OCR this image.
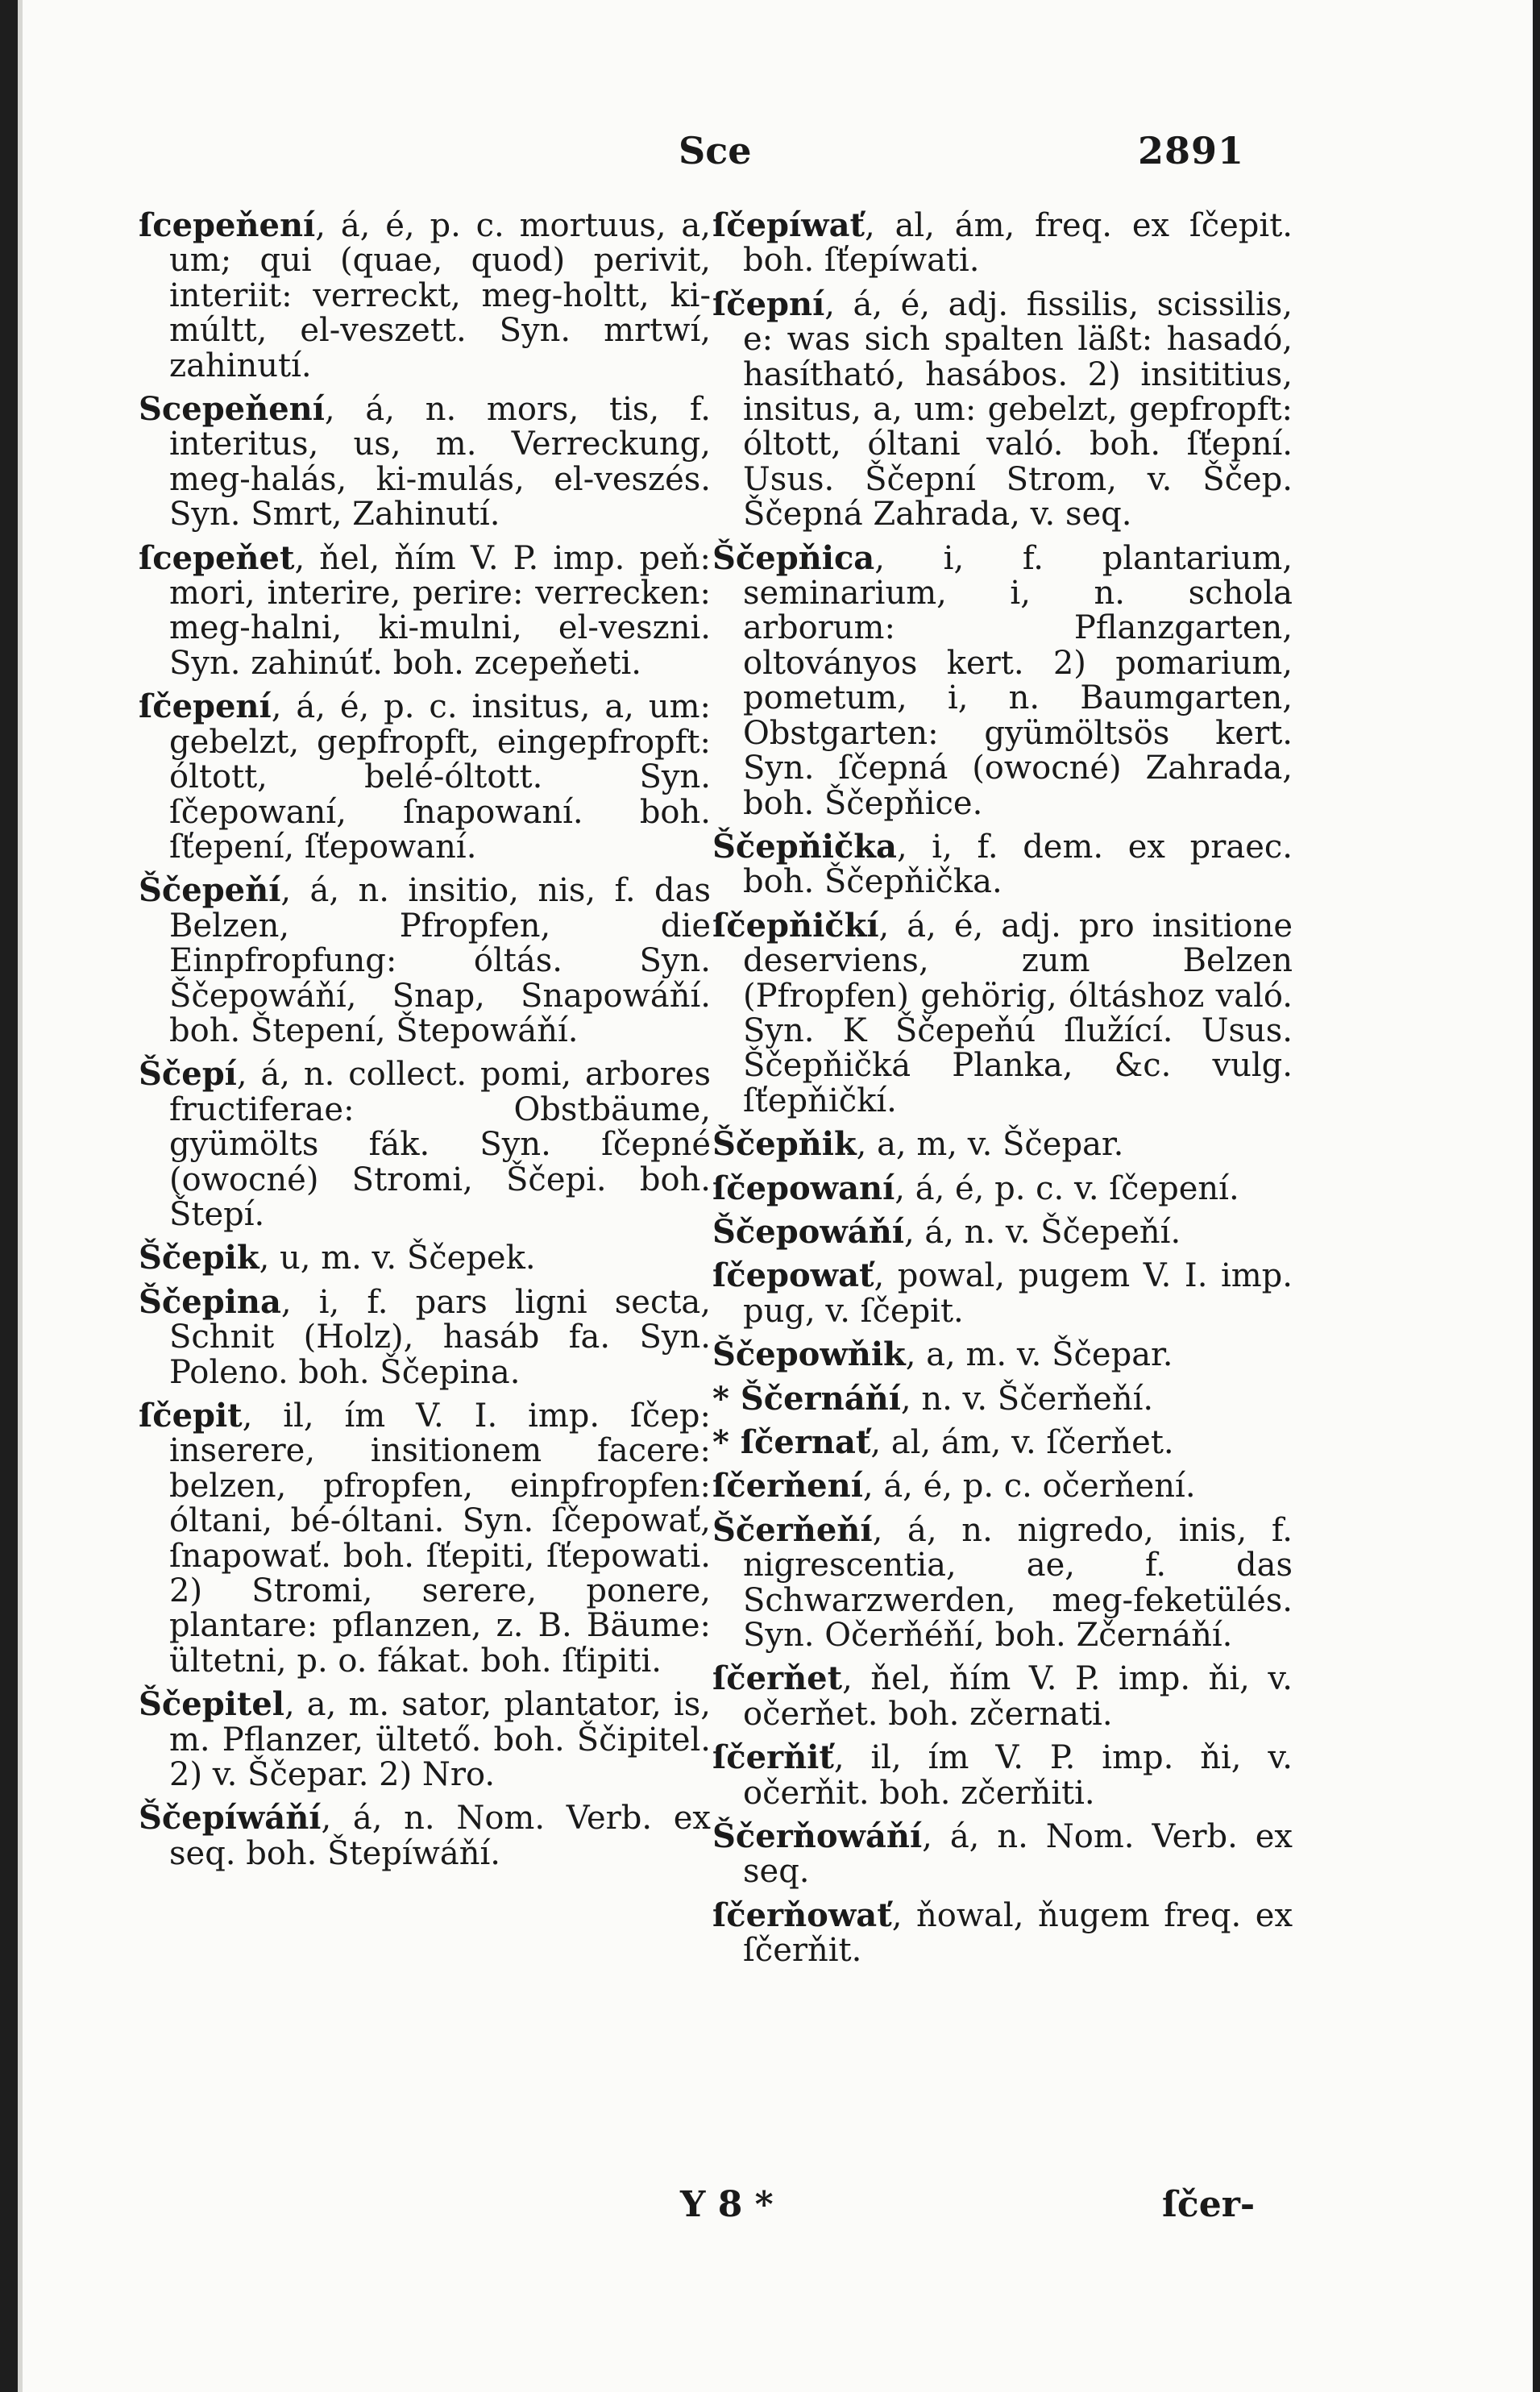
Sce	2891

ſcepeňení, á, é, p. c. mortuus, a, um; qui (quae, quod) perivit, interiit: verreckt, meg-holtt, ki-múltt, el-veszett. Syn. mrtwí, zahinutí.

Scepeňení, á, n. mors, tis, f. interitus, us, m. Verreckung, meg-halás, ki-mulás, el-veszés. Syn. Smrt, Zahinutí.

ſcepeňet, ňel, ňím V. P. imp. peň: mori, interire, perire: verrecken: meg-halni, ki-mulni, el-veszni. Syn. zahinúť. boh. zcepeňeti.

ſčepení, á, é, p. c. insitus, a, um: gebelzt, gepfropft, eingepfropft: óltott, belé-óltott. Syn. ſčepowaní, ſnapowaní. boh. ſťepení, ſťepowaní.

Ščepeňí, á, n. insitio, nis, f. das Belzen, Pfropfen, die Einpfropfung: óltás. Syn. Ščepowáňí, Snap, Snapowáňí. boh. Štepení, Štepowáňí.

Ščepí, á, n. collect. pomi, arbores fructiferae: Obstbäume, gyümölts fák. Syn. ſčepné (owocné) Stromi, Ščepi. boh. Štepí.

Ščepik, u, m. v. Ščepek.

Ščepina, i, f. pars ligni secta, Schnit (Holz), hasáb fa. Syn. Poleno. boh. Ščepina.

ſčepit, il, ím V. I. imp. ſčep: inserere, insitionem facere: belzen, pfropfen, einpfropfen: óltani, bé-óltani. Syn. ſčepowať, ſnapowať. boh. ſťepiti, ſťepowati. 2) Stromi, serere, ponere, plantare: pflanzen, z. B. Bäume: ültetni, p. o. fákat. boh. ſťipiti.

Ščepitel, a, m. sator, plantator, is, m. Pflanzer, ültető. boh. Ščipitel. 2) v. Ščepar. 2) Nro.

Ščepíwáňí, á, n. Nom. Verb. ex seq. boh. Štepíwáňí.

ſčepíwať, al, ám, freq. ex ſčepit. boh. ſťepíwati.

ſčepní, á, é, adj. fissilis, scissilis, e: was sich spalten läßt: hasadó, hasítható, hasábos. 2) insititius, insitus, a, um: gebelzt, gepfropft: óltott, óltani való. boh. ſťepní. Usus. Ščepní Strom, v. Ščep. Ščepná Zahrada, v. seq.

Ščepňica, i, f. plantarium, seminarium, i, n. schola arborum: Pflanzgarten, oltoványos kert. 2) pomarium, pometum, i, n. Baumgarten, Obstgarten: gyümöltsös kert. Syn. ſčepná (owocné) Zahrada, boh. Ščepňice.

Ščepňička, i, f. dem. ex praec. boh. Ščepňička.

ſčepňičkí, á, é, adj. pro insitione deserviens, zum Belzen (Pfropfen) gehörig, óltáshoz való. Syn. K Ščepeňú ſlužící. Usus. Ščepňičká Planka, &c. vulg. ſťepňičkí.

Ščepňik, a, m, v. Ščepar.

ſčepowaní, á, é, p. c. v. ſčepení.

Ščepowáňí, á, n. v. Ščepeňí.

ſčepowať, powal, pugem V. I. imp. pug, v. ſčepit.

Ščepowňik, a, m. v. Ščepar.

* Ščernáňí, n. v. Ščerňeňí.

* ſčernať, al, ám, v. ſčerňet.

ſčerňení, á, é, p. c. očerňení.

Ščerňeňí, á, n. nigredo, inis, f. nigrescentia, ae, f. das Schwarzwerden, meg-feketülés. Syn. Očerňéňí, boh. Zčernáňí.

ſčerňet, ňel, ňím V. P. imp. ňi, v. očerňet. boh. zčernati.

ſčerňiť, il, ím V. P. imp. ňi, v. očerňit. boh. zčerňiti.

Ščerňowáňí, á, n. Nom. Verb. ex seq.

ſčerňowať, ňowal, ňugem freq. ex ſčerňit.

Y 8 *	ſčer-
